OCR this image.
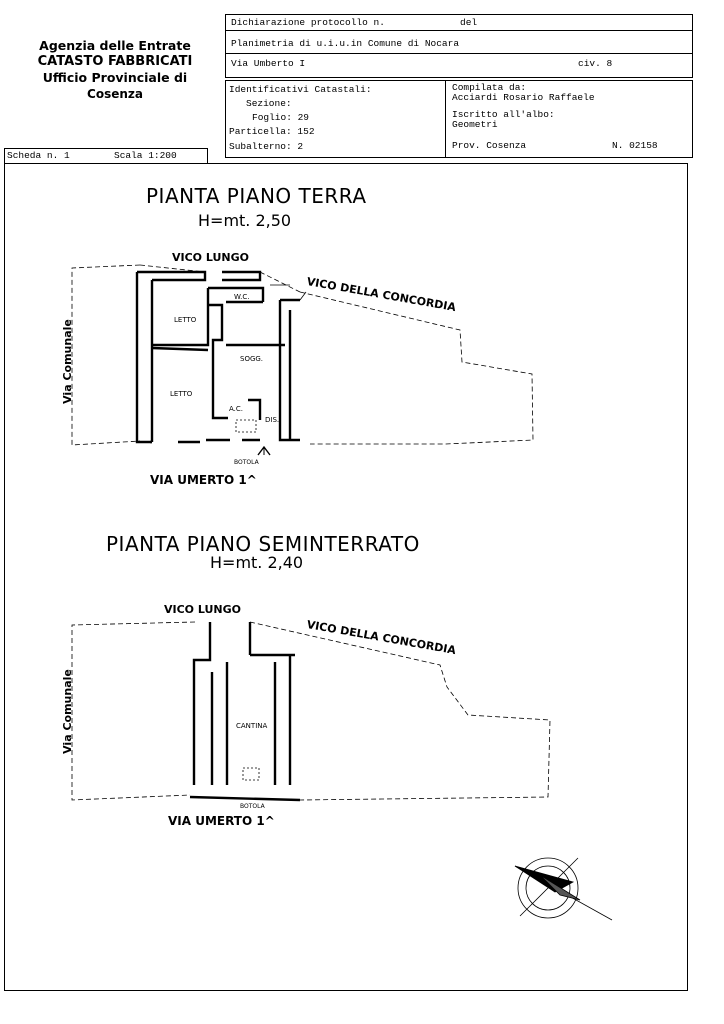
Agenzia delle Entrate
CATASTO FABBRICATI
Ufficio Provinciale di
Cosenza
Dichiarazione protocollo n.	del
Planimetria di u.i.u.in Comune di Nocara
Via Umberto I	civ. 8
Identificativi Catastali:
Sezione:
Foglio: 29
Particella: 152
Subalterno: 2
Compilata da:
Acciardi Rosario Raffaele
Iscritto all'albo:
Geometri
Prov. Cosenza	N. 02158
Scheda n. 1	Scala 1:200
PIANTA PIANO TERRA
H=mt. 2,50
PIANTA PIANO SEMINTERRATO
H=mt. 2,40
VICO LUNGO
VICO DELLA CONCORDIA
Via Comunale
VIA UMERTO 1^
LETTO
LETTO
W.C.
SOGG.
A.C.
DIS.
BOTOLA
VICO LUNGO
VICO DELLA CONCORDIA
Via Comunale
VIA UMERTO 1^
CANTINA
BOTOLA
